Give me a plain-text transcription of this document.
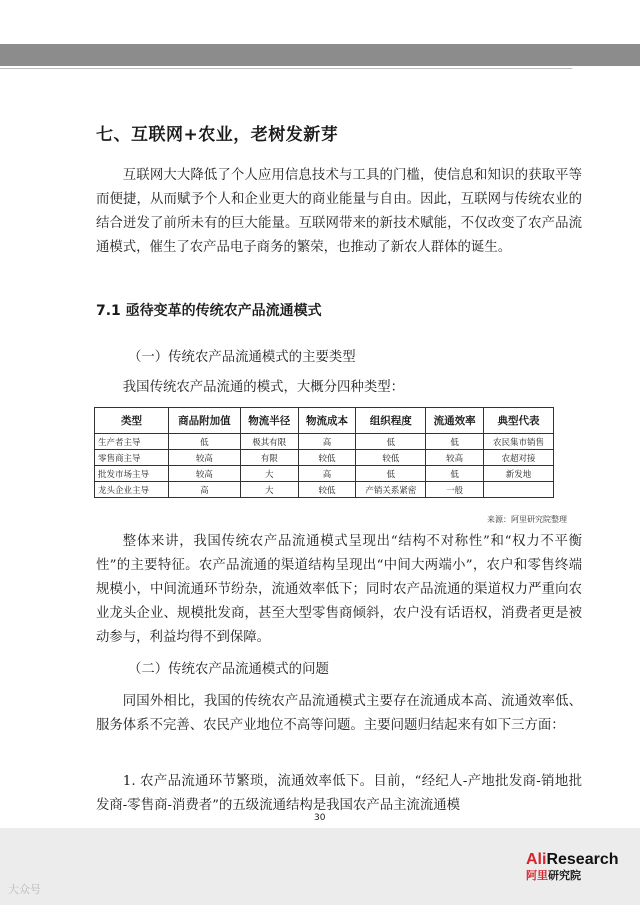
七、互联网+农业，老树发新芽

互联网大大降低了个人应用信息技术与工具的门槛，使信息和知识的获取平等而便捷，从而赋予个人和企业更大的商业能量与自由。因此，互联网与传统农业的结合迸发了前所未有的巨大能量。互联网带来的新技术赋能，不仅改变了农产品流通模式，催生了农产品电子商务的繁荣，也推动了新农人群体的诞生。

7.1 亟待变革的传统农产品流通模式
（一）传统农产品流通模式的主要类型

我国传统农产品流通的模式，大概分四种类型：

类型	商品附加值	物流半径	物流成本	组织程度	流通效率	典型代表
生产者主导	低	极其有限	高	低	低	农民集市销售
零售商主导	较高	有限	较低	较低	较高	农超对接
批发市场主导	较高	大	高	低	低	新发地
龙头企业主导	高	大	较低	产销关系紧密	一般	
来源：阿里研究院整理

整体来讲，我国传统农产品流通模式呈现出“结构不对称性”和“权力不平衡性”的主要特征。农产品流通的渠道结构呈现出“中间大两端小”，农户和零售终端规模小，中间流通环节纷杂，流通效率低下；同时农产品流通的渠道权力严重向农业龙头企业、规模批发商，甚至大型零售商倾斜，农户没有话语权，消费者更是被动参与，利益均得不到保障。

（二）传统农产品流通模式的问题

同国外相比，我国的传统农产品流通模式主要存在流通成本高、流通效率低、服务体系不完善、农民产业地位不高等问题。主要问题归结起来有如下三方面：

1. 农产品流通环节繁琐，流通效率低下。目前，“经纪人-产地批发商-销地批发商-零售商-消费者”的五级流通结构是我国农产品主流流通模

30
AliResearch
阿里研究院
大众号
